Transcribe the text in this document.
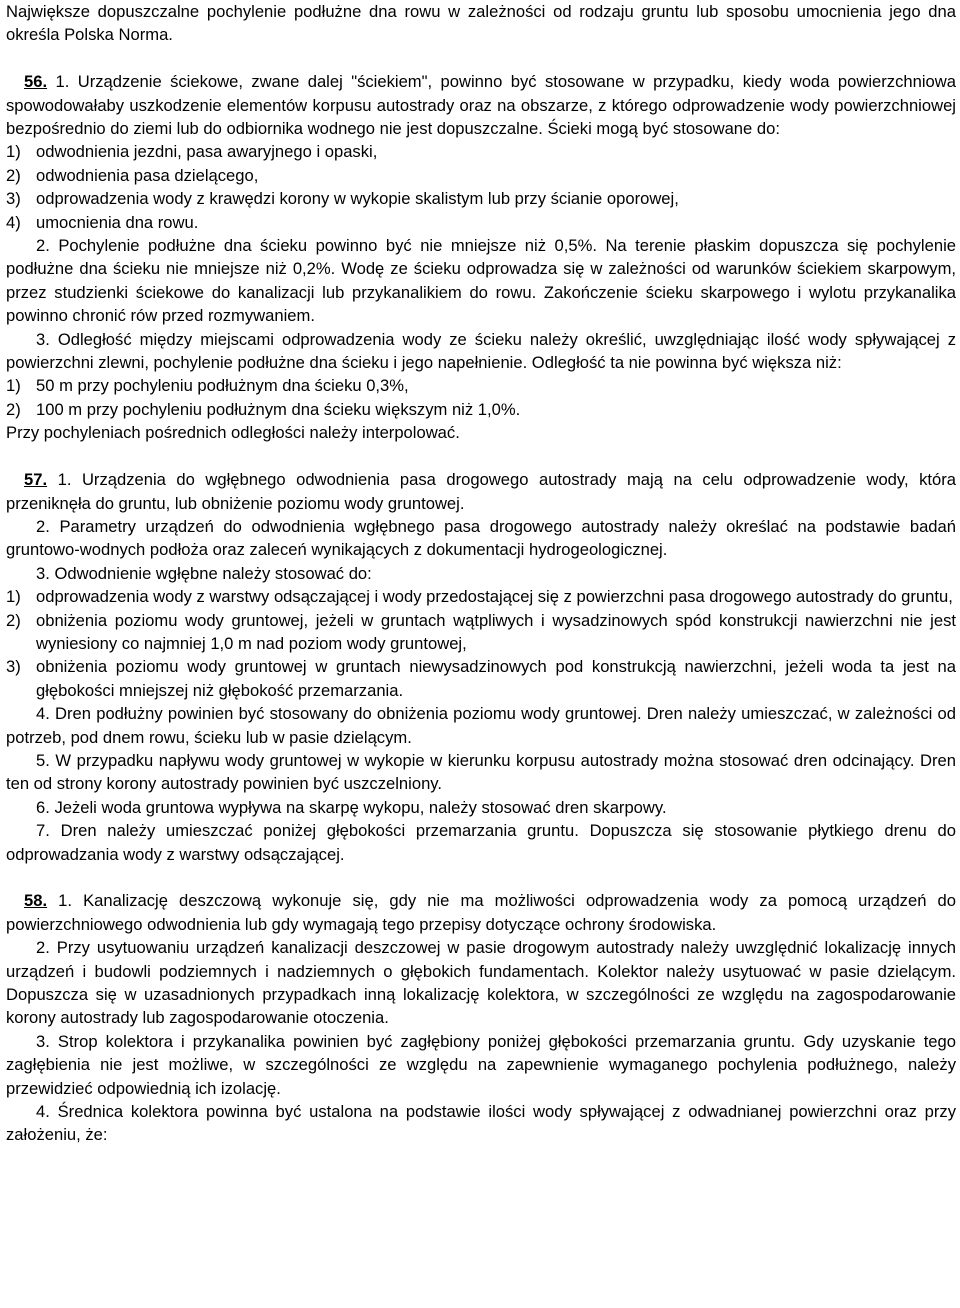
Największe dopuszczalne pochylenie podłużne dna rowu w zależności od rodzaju gruntu lub sposobu umocnienia jego dna określa Polska Norma.

56. 1. Urządzenie ściekowe, zwane dalej "ściekiem", powinno być stosowane w przypadku, kiedy woda powierzchniowa spowodowałaby uszkodzenie elementów korpusu autostrady oraz na obszarze, z którego odprowadzenie wody powierzchniowej bezpośrednio do ziemi lub do odbiornika wodnego nie jest dopuszczalne. Ścieki mogą być stosowane do:

1) odwodnienia jezdni, pasa awaryjnego i opaski,
2) odwodnienia pasa dzielącego,
3) odprowadzenia wody z krawędzi korony w wykopie skalistym lub przy ścianie oporowej,
4) umocnienia dna rowu.

2. Pochylenie podłużne dna ścieku powinno być nie mniejsze niż 0,5%. Na terenie płaskim dopuszcza się pochylenie podłużne dna ścieku nie mniejsze niż 0,2%. Wodę ze ścieku odprowadza się w zależności od warunków ściekiem skarpowym, przez studzienki ściekowe do kanalizacji lub przykanalikiem do rowu. Zakończenie ścieku skarpowego i wylotu przykanalika powinno chronić rów przed rozmywaniem.

3. Odległość między miejscami odprowadzenia wody ze ścieku należy określić, uwzględniając ilość wody spływającej z powierzchni zlewni, pochylenie podłużne dna ścieku i jego napełnienie. Odległość ta nie powinna być większa niż:

1) 50 m przy pochyleniu podłużnym dna ścieku 0,3%,
2) 100 m przy pochyleniu podłużnym dna ścieku większym niż 1,0%.

Przy pochyleniach pośrednich odległości należy interpolować.

57. 1. Urządzenia do wgłębnego odwodnienia pasa drogowego autostrady mają na celu odprowadzenie wody, która przeniknęła do gruntu, lub obniżenie poziomu wody gruntowej.

2. Parametry urządzeń do odwodnienia wgłębnego pasa drogowego autostrady należy określać na podstawie badań gruntowo-wodnych podłoża oraz zaleceń wynikających z dokumentacji hydrogeologicznej.

3. Odwodnienie wgłębne należy stosować do:

1) odprowadzenia wody z warstwy odsączającej i wody przedostającej się z powierzchni pasa drogowego autostrady do gruntu,
2) obniżenia poziomu wody gruntowej, jeżeli w gruntach wątpliwych i wysadzinowych spód konstrukcji nawierzchni nie jest wyniesiony co najmniej 1,0 m nad poziom wody gruntowej,
3) obniżenia poziomu wody gruntowej w gruntach niewysadzinowych pod konstrukcją nawierzchni, jeżeli woda ta jest na głębokości mniejszej niż głębokość przemarzania.

4. Dren podłużny powinien być stosowany do obniżenia poziomu wody gruntowej. Dren należy umieszczać, w zależności od potrzeb, pod dnem rowu, ścieku lub w pasie dzielącym.

5. W przypadku napływu wody gruntowej w wykopie w kierunku korpusu autostrady można stosować dren odcinający. Dren ten od strony korony autostrady powinien być uszczelniony.

6. Jeżeli woda gruntowa wypływa na skarpę wykopu, należy stosować dren skarpowy.

7. Dren należy umieszczać poniżej głębokości przemarzania gruntu. Dopuszcza się stosowanie płytkiego drenu do odprowadzania wody z warstwy odsączającej.

58. 1. Kanalizację deszczową wykonuje się, gdy nie ma możliwości odprowadzenia wody za pomocą urządzeń do powierzchniowego odwodnienia lub gdy wymagają tego przepisy dotyczące ochrony środowiska.

2. Przy usytuowaniu urządzeń kanalizacji deszczowej w pasie drogowym autostrady należy uwzględnić lokalizację innych urządzeń i budowli podziemnych i nadziemnych o głębokich fundamentach. Kolektor należy usytuować w pasie dzielącym. Dopuszcza się w uzasadnionych przypadkach inną lokalizację kolektora, w szczególności ze względu na zagospodarowanie korony autostrady lub zagospodarowanie otoczenia.

3. Strop kolektora i przykanalika powinien być zagłębiony poniżej głębokości przemarzania gruntu. Gdy uzyskanie tego zagłębienia nie jest możliwe, w szczególności ze względu na zapewnienie wymaganego pochylenia podłużnego, należy przewidzieć odpowiednią ich izolację.

4. Średnica kolektora powinna być ustalona na podstawie ilości wody spływającej z odwadnianej powierzchni oraz przy założeniu, że:
